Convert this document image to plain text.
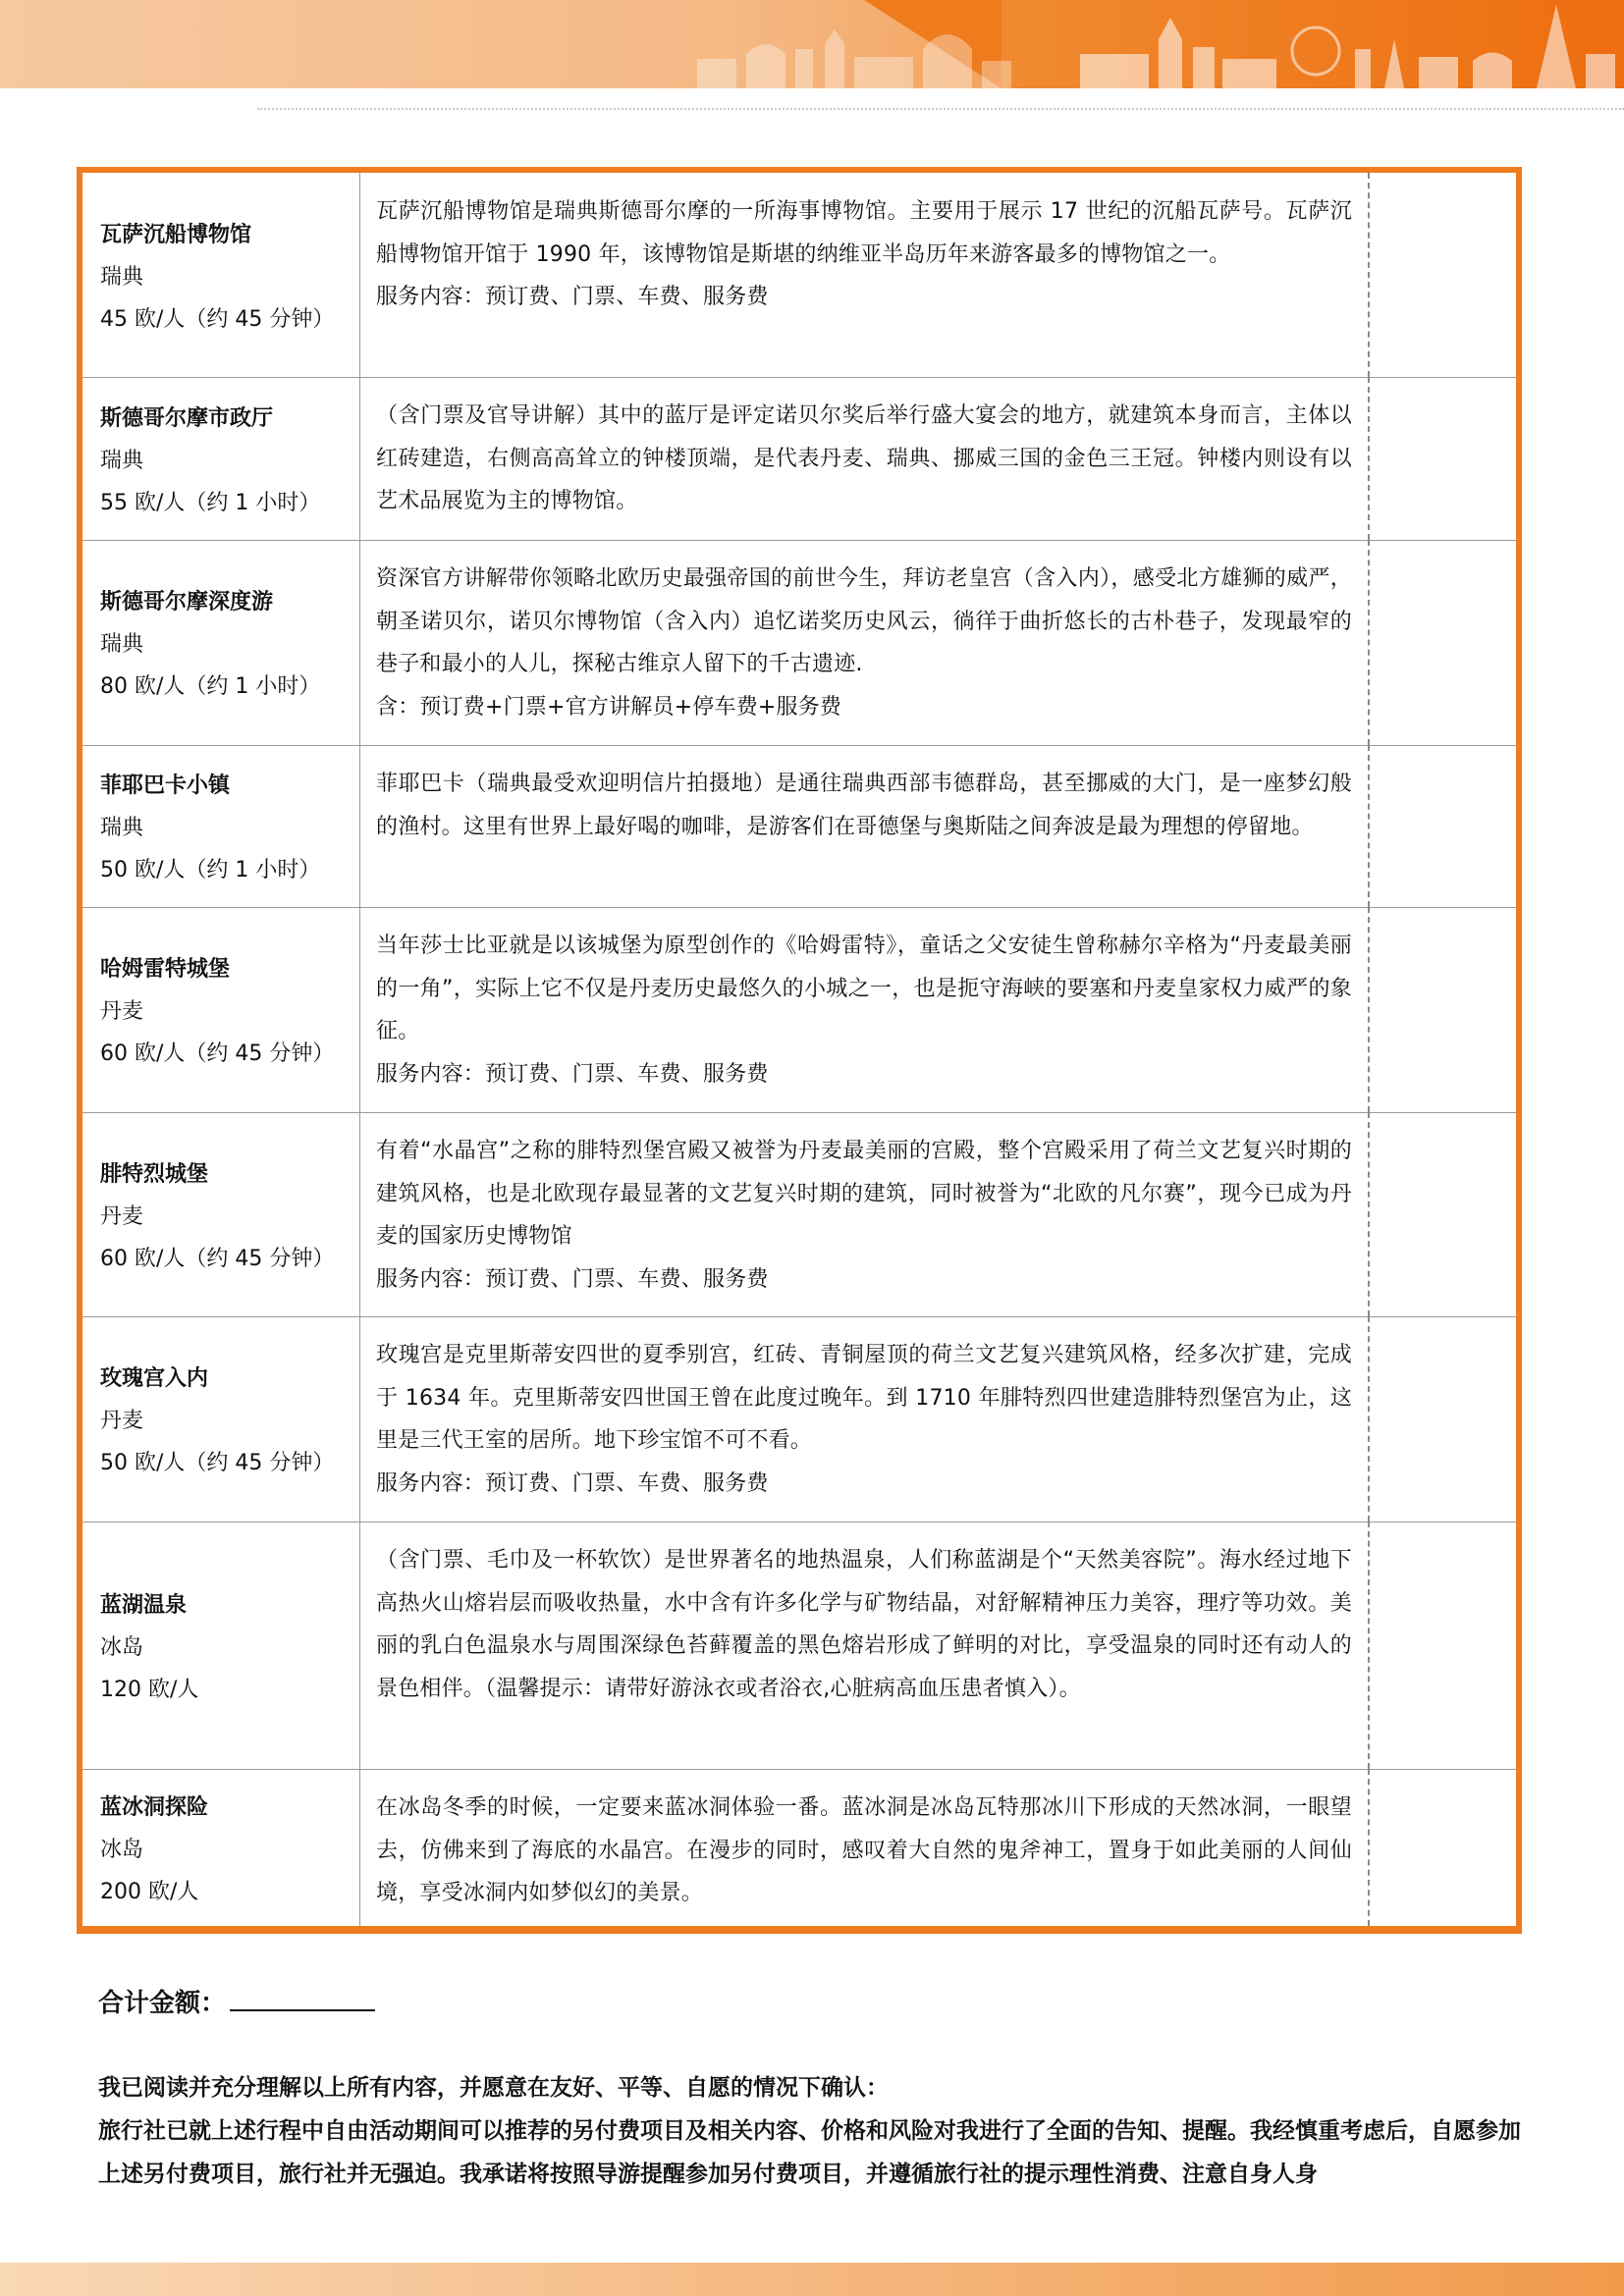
瓦萨沉船博物馆
瑞典
45 欧/人（约 45 分钟）
瓦萨沉船博物馆是瑞典斯德哥尔摩的一所海事博物馆。主要用于展示 17 世纪的沉船瓦萨号。瓦萨沉船博物馆开馆于 1990 年，该博物馆是斯堪的纳维亚半岛历年来游客最多的博物馆之一。
服务内容：预订费、门票、车费、服务费
斯德哥尔摩市政厅
瑞典
55 欧/人（约 1 小时）
（含门票及官导讲解）其中的蓝厅是评定诺贝尔奖后举行盛大宴会的地方，就建筑本身而言，主体以红砖建造，右侧高高耸立的钟楼顶端，是代表丹麦、瑞典、挪威三国的金色三王冠。钟楼内则设有以艺术品展览为主的博物馆。
斯德哥尔摩深度游
瑞典
80 欧/人（约 1 小时）
资深官方讲解带你领略北欧历史最强帝国的前世今生，拜访老皇宫（含入内），感受北方雄狮的威严，朝圣诺贝尔，诺贝尔博物馆（含入内）追忆诺奖历史风云，徜徉于曲折悠长的古朴巷子，发现最窄的巷子和最小的人儿，探秘古维京人留下的千古遗迹.
含：预订费+门票+官方讲解员+停车费+服务费
菲耶巴卡小镇
瑞典
50 欧/人（约 1 小时）
菲耶巴卡（瑞典最受欢迎明信片拍摄地）是通往瑞典西部韦德群岛，甚至挪威的大门，是一座梦幻般的渔村。这里有世界上最好喝的咖啡，是游客们在哥德堡与奥斯陆之间奔波是最为理想的停留地。
哈姆雷特城堡
丹麦
60 欧/人（约 45 分钟）
当年莎士比亚就是以该城堡为原型创作的《哈姆雷特》，童话之父安徒生曾称赫尔辛格为“丹麦最美丽的一角”，实际上它不仅是丹麦历史最悠久的小城之一，也是扼守海峡的要塞和丹麦皇家权力威严的象征。
服务内容：预订费、门票、车费、服务费
腓特烈城堡
丹麦
60 欧/人（约 45 分钟）
有着“水晶宫”之称的腓特烈堡宫殿又被誉为丹麦最美丽的宫殿，整个宫殿采用了荷兰文艺复兴时期的建筑风格，也是北欧现存最显著的文艺复兴时期的建筑，同时被誉为“北欧的凡尔赛”，现今已成为丹麦的国家历史博物馆
服务内容：预订费、门票、车费、服务费
玫瑰宫入内
丹麦
50 欧/人（约 45 分钟）
玫瑰宫是克里斯蒂安四世的夏季别宫，红砖、青铜屋顶的荷兰文艺复兴建筑风格，经多次扩建，完成于 1634 年。克里斯蒂安四世国王曾在此度过晚年。到 1710 年腓特烈四世建造腓特烈堡宫为止，这里是三代王室的居所。地下珍宝馆不可不看。
服务内容：预订费、门票、车费、服务费
蓝湖温泉
冰岛
120 欧/人
（含门票、毛巾及一杯软饮）是世界著名的地热温泉，人们称蓝湖是个“天然美容院”。海水经过地下高热火山熔岩层而吸收热量，水中含有许多化学与矿物结晶，对舒解精神压力美容，理疗等功效。美丽的乳白色温泉水与周围深绿色苔藓覆盖的黑色熔岩形成了鲜明的对比，享受温泉的同时还有动人的景色相伴。（温馨提示：请带好游泳衣或者浴衣,心脏病高血压患者慎入）。
蓝冰洞探险
冰岛
200 欧/人
在冰岛冬季的时候，一定要来蓝冰洞体验一番。蓝冰洞是冰岛瓦特那冰川下形成的天然冰洞，一眼望去，仿佛来到了海底的水晶宫。在漫步的同时，感叹着大自然的鬼斧神工，置身于如此美丽的人间仙境，享受冰洞内如梦似幻的美景。
合计金额：
我已阅读并充分理解以上所有内容，并愿意在友好、平等、自愿的情况下确认：
旅行社已就上述行程中自由活动期间可以推荐的另付费项目及相关内容、价格和风险对我进行了全面的告知、提醒。我经慎重考虑后，自愿参加上述另付费项目，旅行社并无强迫。我承诺将按照导游提醒参加另付费项目，并遵循旅行社的提示理性消费、注意自身人身
